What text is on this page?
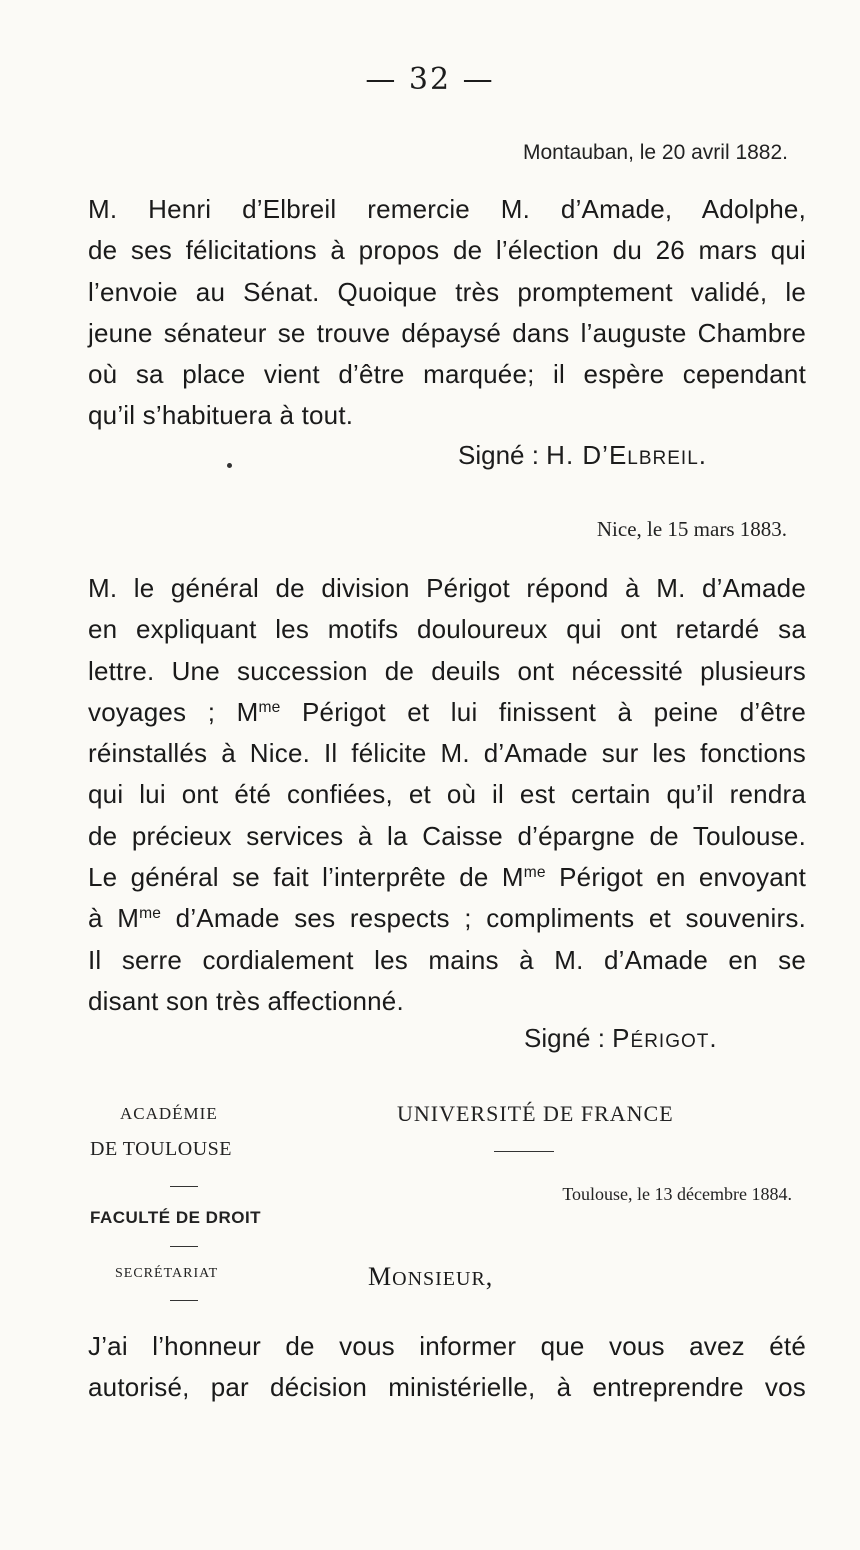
— 32 —
Montauban, le 20 avril 1882.

M. Henri d’Elbreil remercie M. d’Amade, Adolphe,
de ses félicitations à propos de l’élection du 26 mars qui
l’envoie au Sénat. Quoique très promptement validé, le
jeune sénateur se trouve dépaysé dans l’auguste Chambre
où sa place vient d’être marquée; il espère cependant
qu’il s’habituera à tout.

Signé : H. D’ELBREIL.
Nice, le 15 mars 1883.

M. le général de division Périgot répond à M. d’Amade
en expliquant les motifs douloureux qui ont retardé sa
lettre. Une succession de deuils ont nécessité plusieurs
voyages ; $M^{me}$ Périgot et lui finissent à peine d’être
réinstallés à Nice. Il félicite M. d’Amade sur les fonctions
qui lui ont été confiées, et où il est certain qu’il rendra
de précieux services à la Caisse d’épargne de Toulouse.
Le général se fait l’interprête de $M^{me}$ Périgot en envoyant
à $M^{me}$ d’Amade ses respects ; compliments et souvenirs.
Il serre cordialement les mains à M. d’Amade en se
disant son très affectionné.

Signé : PÉRIGOT.
ACADÉMIE
DE TOULOUSE
FACULTÉ DE DROIT
SECRÉTARIAT
UNIVERSITÉ DE FRANCE
Toulouse, le 13 décembre 1884.
MONSIEUR,

J’ai l’honneur de vous informer que vous avez été
autorisé, par décision ministérielle, à entreprendre vos
